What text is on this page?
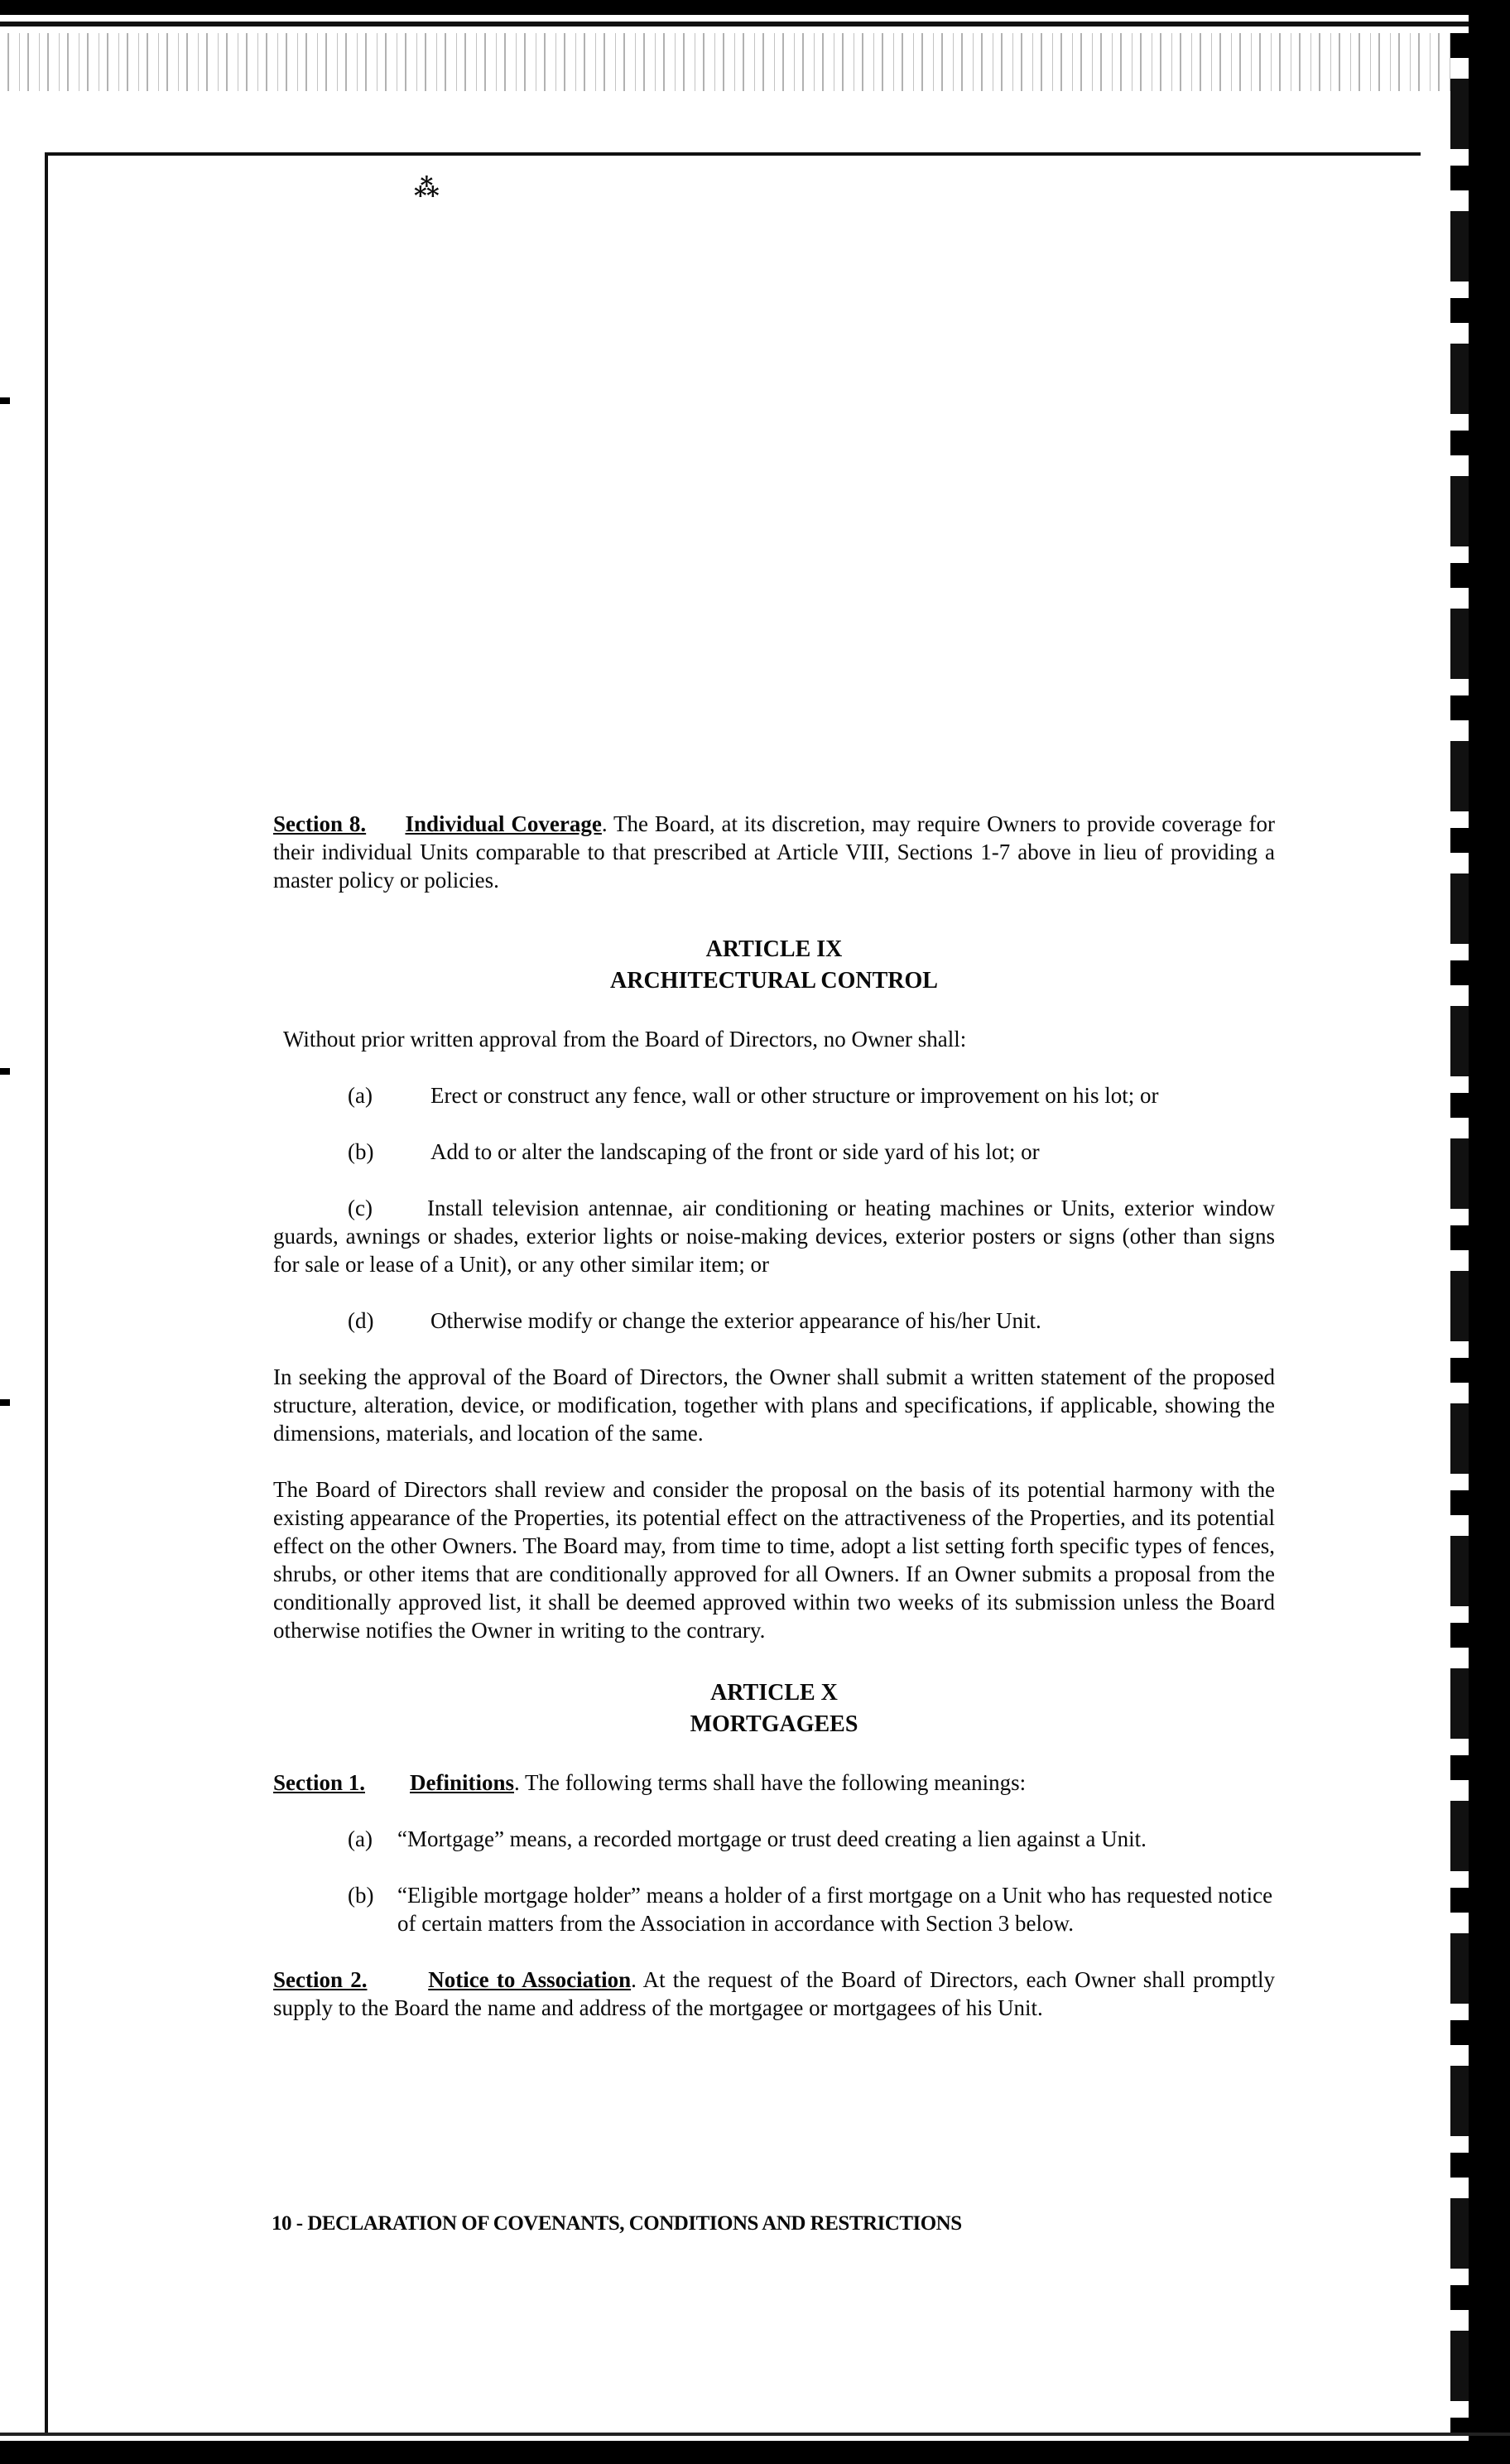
⁂

Section 8. Individual Coverage. The Board, at its discretion, may require Owners to provide coverage for their individual Units comparable to that prescribed at Article VIII, Sections 1-7 above in lieu of providing a master policy or policies.

ARTICLE IX
ARCHITECTURAL CONTROL

Without prior written approval from the Board of Directors, no Owner shall:

(a)	Erect or construct any fence, wall or other structure or improvement on his lot; or
(b)	Add to or alter the landscaping of the front or side yard of his lot; or

(c) Install television antennae, air conditioning or heating machines or Units, exterior window guards, awnings or shades, exterior lights or noise-making devices, exterior posters or signs (other than signs for sale or lease of a Unit), or any other similar item; or

(d)	Otherwise modify or change the exterior appearance of his/her Unit.

In seeking the approval of the Board of Directors, the Owner shall submit a written statement of the proposed structure, alteration, device, or modification, together with plans and specifications, if applicable, showing the dimensions, materials, and location of the same.

The Board of Directors shall review and consider the proposal on the basis of its potential harmony with the existing appearance of the Properties, its potential effect on the attractiveness of the Properties, and its potential effect on the other Owners. The Board may, from time to time, adopt a list setting forth specific types of fences, shrubs, or other items that are conditionally approved for all Owners. If an Owner submits a proposal from the conditionally approved list, it shall be deemed approved within two weeks of its submission unless the Board otherwise notifies the Owner in writing to the contrary.

ARTICLE X
MORTGAGEES

Section 1. Definitions. The following terms shall have the following meanings:

(a)	“Mortgage” means, a recorded mortgage or trust deed creating a lien against a Unit.
(b)	“Eligible mortgage holder” means a holder of a first mortgage on a Unit who has requested notice of certain matters from the Association in accordance with Section 3 below.

Section 2.	Notice to Association. At the request of the Board of Directors, each Owner shall promptly supply to the Board the name and address of the mortgagee or mortgagees of his Unit.

10 - DECLARATION OF COVENANTS, CONDITIONS AND RESTRICTIONS
